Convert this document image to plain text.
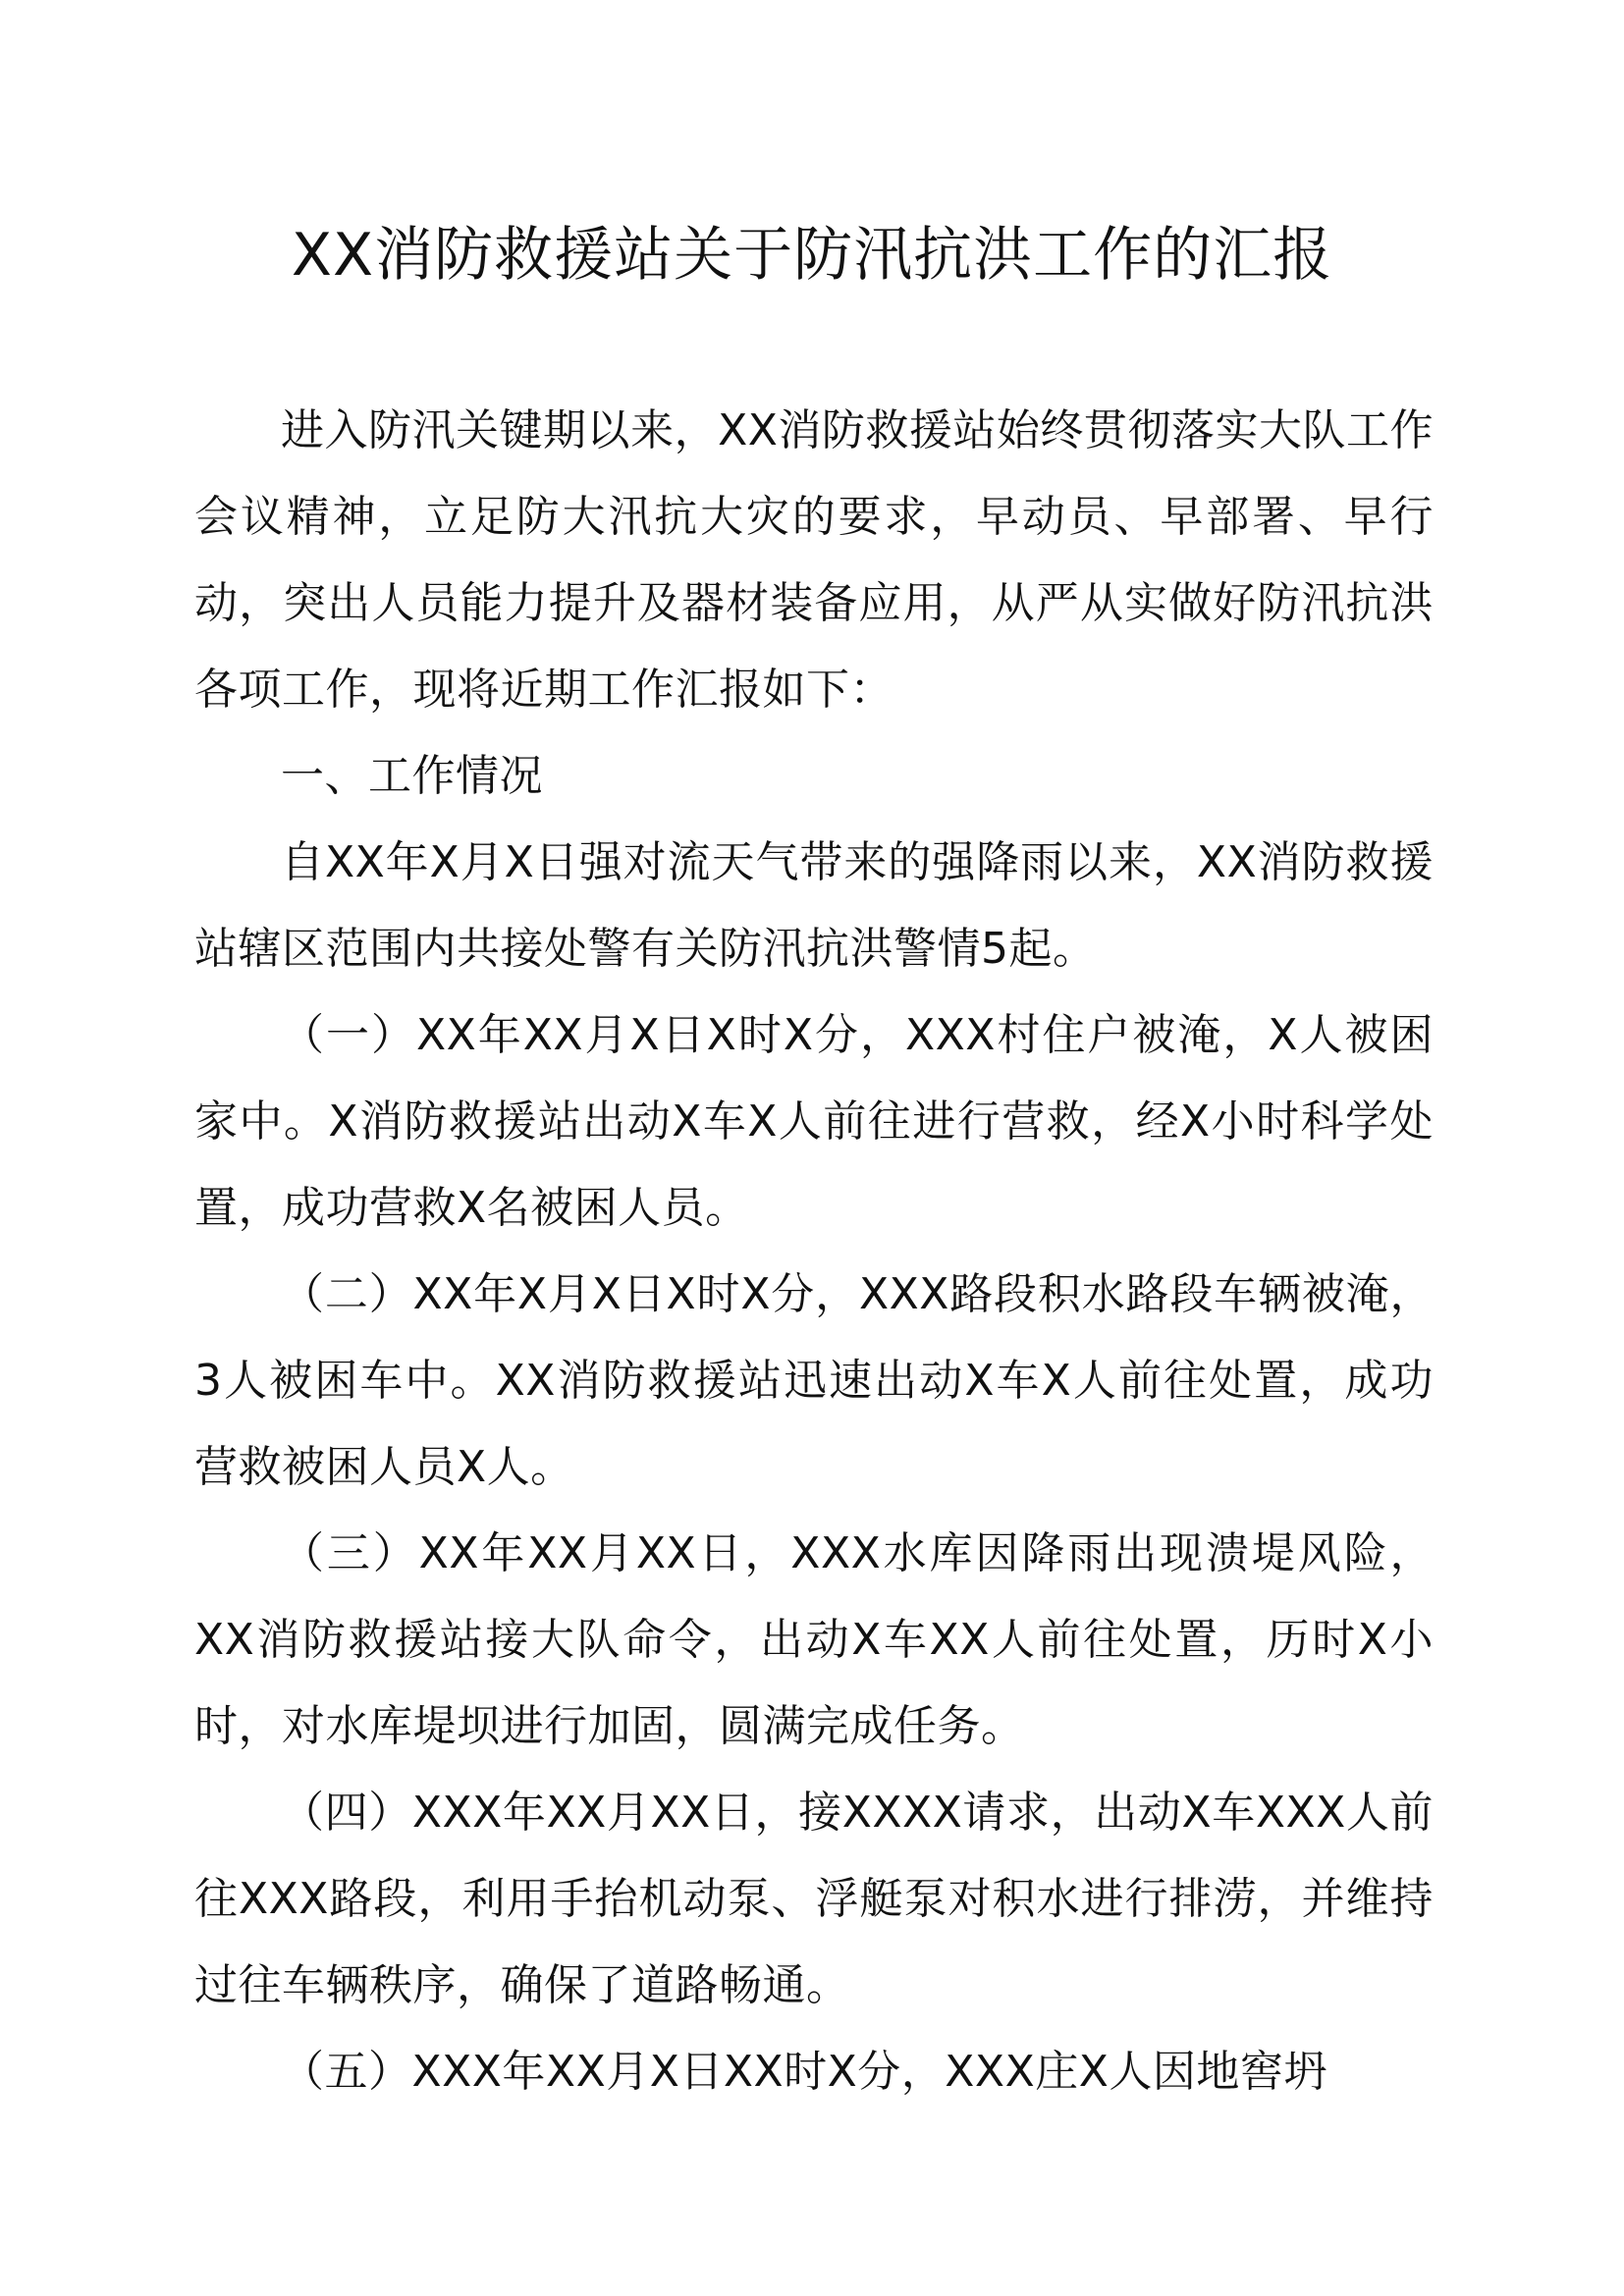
XX消防救援站关于防汛抗洪工作的汇报

进入防汛关键期以来，XX消防救援站始终贯彻落实大队工作会议精神，立足防大汛抗大灾的要求，早动员、早部署、早行动，突出人员能力提升及器材装备应用，从严从实做好防汛抗洪各项工作，现将近期工作汇报如下：

一、工作情况

自XX年X月X日强对流天气带来的强降雨以来，XX消防救援站辖区范围内共接处警有关防汛抗洪警情5起。

（一）XX年XX月X日X时X分，XXX村住户被淹，X人被困家中。X消防救援站出动X车X人前往进行营救，经X小时科学处置，成功营救X名被困人员。

（二）XX年X月X日X时X分，XXX路段积水路段车辆被淹，3人被困车中。XX消防救援站迅速出动X车X人前往处置，成功营救被困人员X人。

（三）XX年XX月XX日，XXX水库因降雨出现溃堤风险，XX消防救援站接大队命令，出动X车XX人前往处置，历时X小时，对水库堤坝进行加固，圆满完成任务。

（四）XXX年XX月XX日，接XXXX请求，出动X车XXX人前往XXX路段，利用手抬机动泵、浮艇泵对积水进行排涝，并维持过往车辆秩序，确保了道路畅通。

（五）XXX年XX月X日XX时X分，XXX庄X人因地窖坍
